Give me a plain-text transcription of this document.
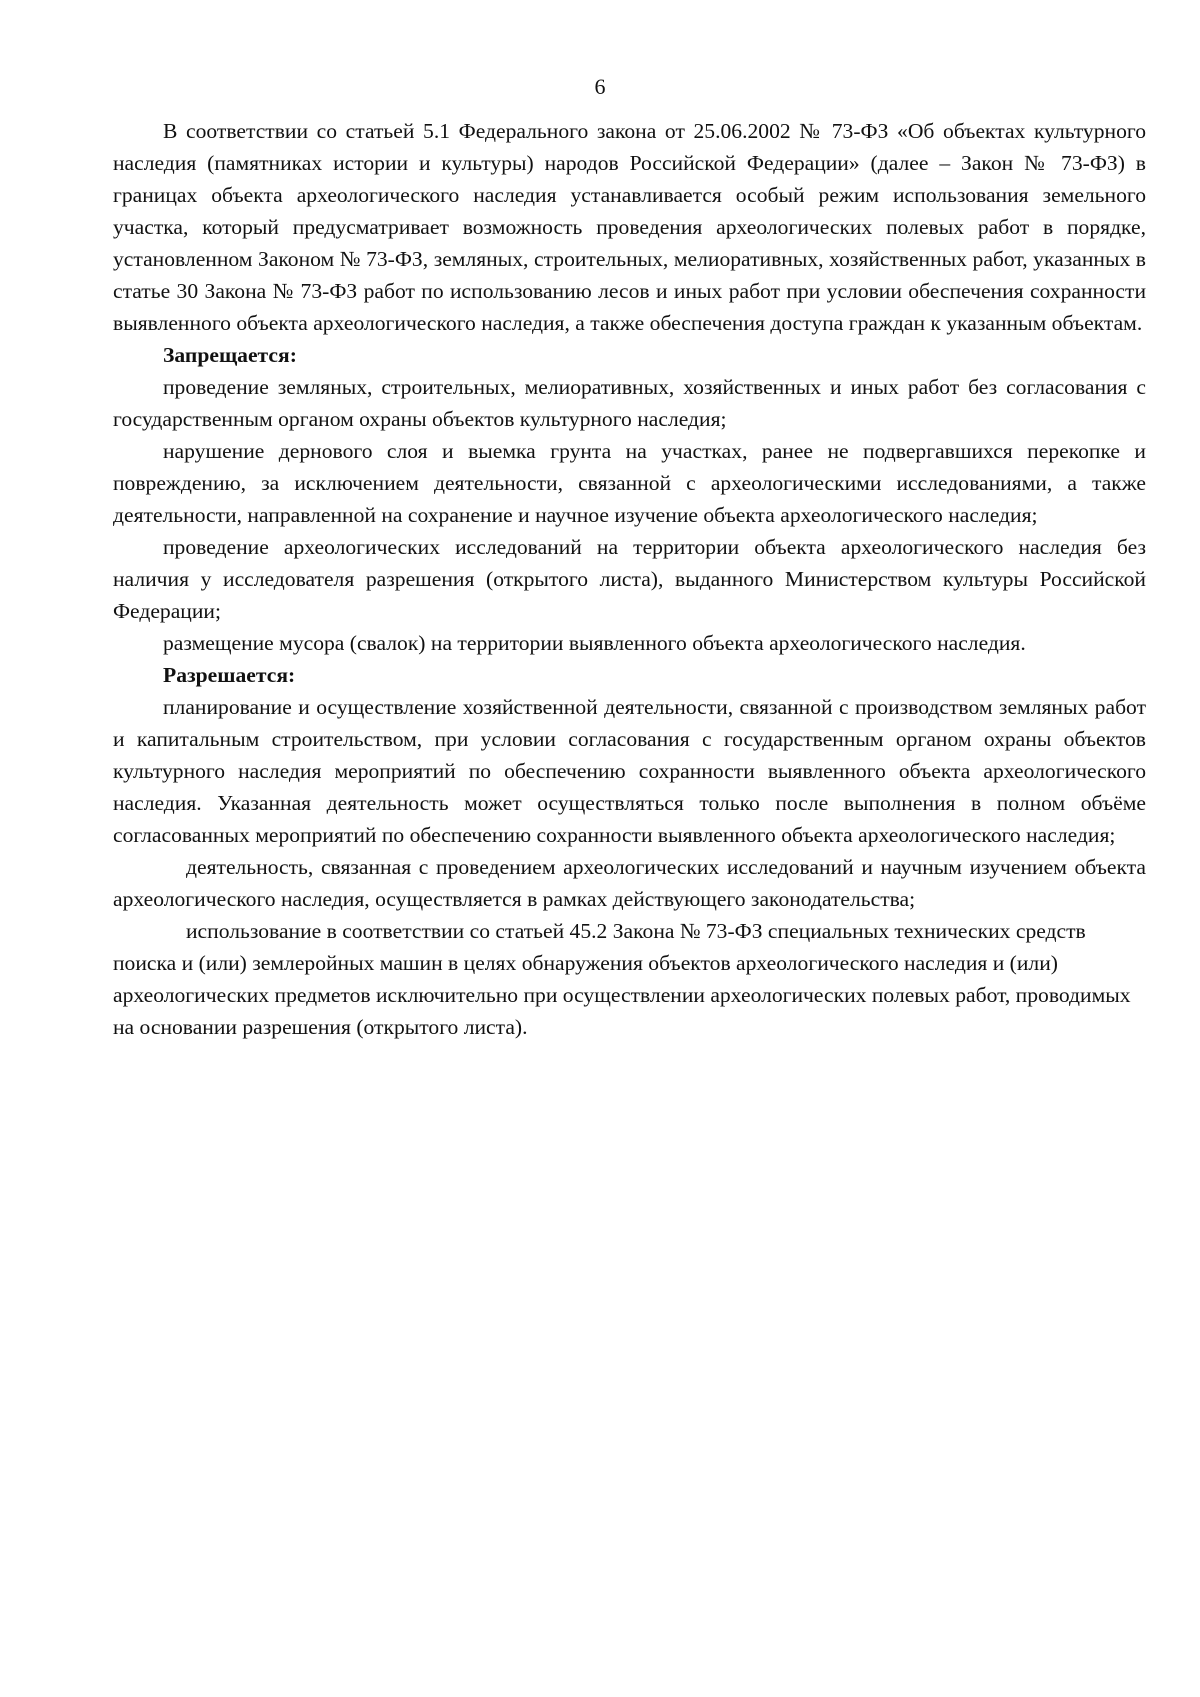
6

В соответствии со статьей 5.1 Федерального закона от 25.06.2002 № 73-ФЗ «Об объектах культурного наследия (памятниках истории и культуры) народов Российской Федерации» (далее – Закон № 73-ФЗ) в границах объекта археологического наследия устанавливается особый режим использования земельного участка, который предусматривает возможность проведения археологических полевых работ в порядке, установленном Законом № 73-ФЗ, земляных, строительных, мелиоративных, хозяйственных работ, указанных в статье 30 Закона № 73-ФЗ работ по использованию лесов и иных работ при условии обеспечения сохранности выявленного объекта археологического наследия, а также обеспечения доступа граждан к указанным объектам.

Запрещается:

проведение земляных, строительных, мелиоративных, хозяйственных и иных работ без согласования с государственным органом охраны объектов культурного наследия;

нарушение дернового слоя и выемка грунта на участках, ранее не подвергавшихся перекопке и повреждению, за исключением деятельности, связанной с археологическими исследованиями, а также деятельности, направленной на сохранение и научное изучение объекта археологического наследия;

проведение археологических исследований на территории объекта археологического наследия без наличия у исследователя разрешения (открытого листа), выданного Министерством культуры Российской Федерации;

размещение мусора (свалок) на территории выявленного объекта археологического наследия.

Разрешается:

планирование и осуществление хозяйственной деятельности, связанной с производством земляных работ и капитальным строительством, при условии согласования с государственным органом охраны объектов культурного наследия мероприятий по обеспечению сохранности выявленного объекта археологического наследия. Указанная деятельность может осуществляться только после выполнения в полном объёме согласованных мероприятий по обеспечению сохранности выявленного объекта археологического наследия;

деятельность, связанная с проведением археологических исследований и научным изучением объекта археологического наследия, осуществляется в рамках действующего законодательства;

использование в соответствии со статьей 45.2 Закона № 73-ФЗ специальных технических средств поиска и (или) землеройных машин в целях обнаружения объектов археологического наследия и (или) археологических предметов исключительно при осуществлении археологических полевых работ, проводимых на основании разрешения (открытого листа).
